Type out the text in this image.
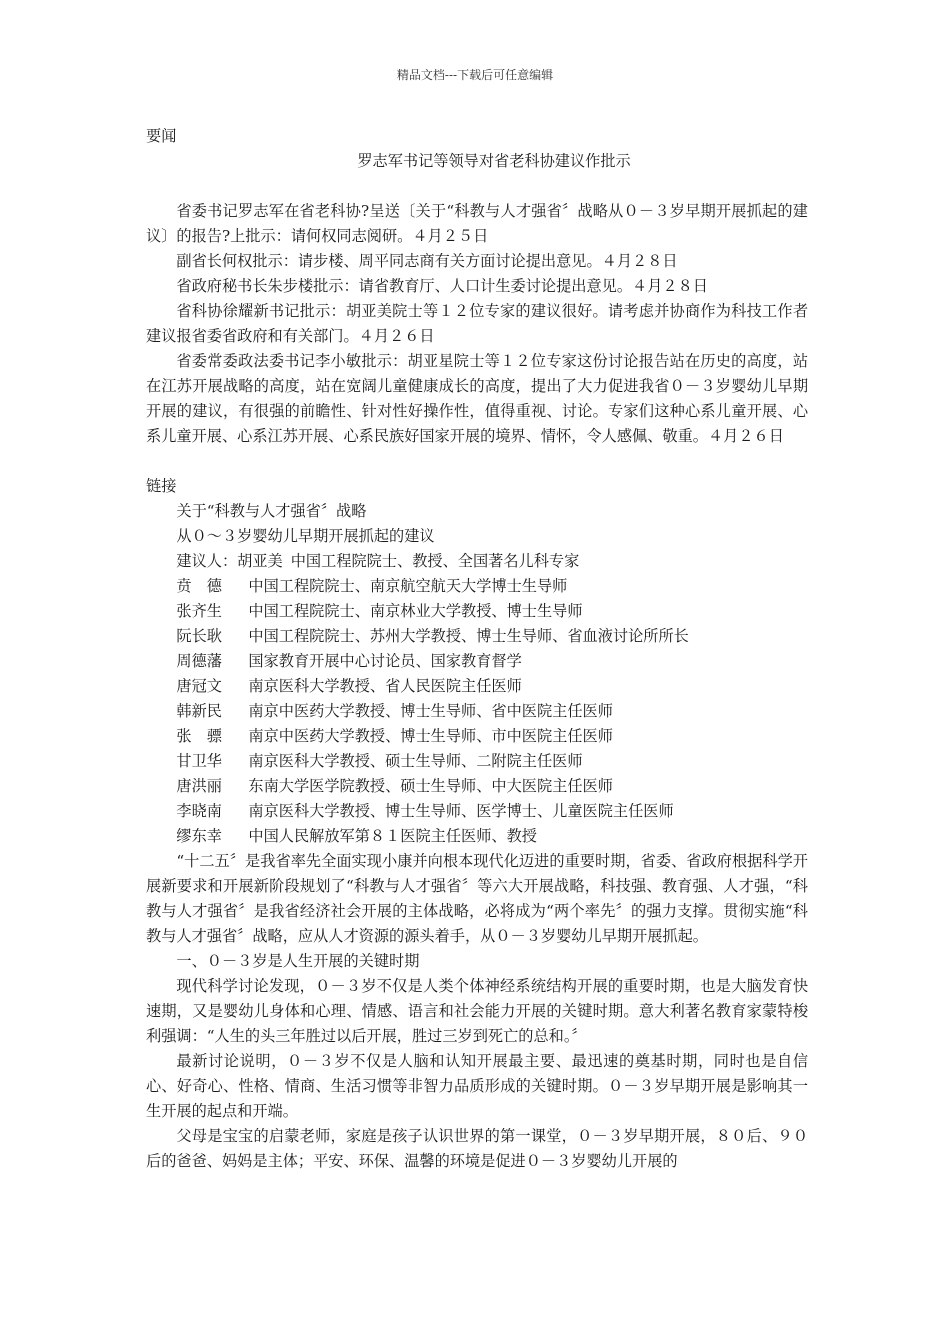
精品文档---下载后可任意编辑

要闻

罗志军书记等领导对省老科协建议作批示

省委书记罗志军在省老科协?呈送〔关于“科教与人才强省〞战略从０－３岁早期开展抓起的建议〕的报告?上批示：请何权同志阅研。４月２５日

副省长何权批示：请步楼、周平同志商有关方面讨论提出意见。４月２８日

省政府秘书长朱步楼批示：请省教育厅、人口计生委讨论提出意见。４月２８日

省科协徐耀新书记批示：胡亚美院士等１２位专家的建议很好。请考虑并协商作为科技工作者建议报省委省政府和有关部门。４月２６日

省委常委政法委书记李小敏批示：胡亚星院士等１２位专家这份讨论报告站在历史的高度，站在江苏开展战略的高度，站在宽阔儿童健康成长的高度，提出了大力促进我省０－３岁婴幼儿早期开展的建议，有很强的前瞻性、针对性好操作性，值得重视、讨论。专家们这种心系儿童开展、心系儿童开展、心系江苏开展、心系民族好国家开展的境界、情怀，令人感佩、敬重。４月２６日

链接

关于“科教与人才强省〞战略

从０～３岁婴幼儿早期开展抓起的建议

建议人：胡亚美 中国工程院院士、教授、全国著名儿科专家

贲　德 中国工程院院士、南京航空航天大学博士生导师

张齐生 中国工程院院士、南京林业大学教授、博士生导师

阮长耿 中国工程院院士、苏州大学教授、博士生导师、省血液讨论所所长

周德藩 国家教育开展中心讨论员、国家教育督学

唐冠文 南京医科大学教授、省人民医院主任医师

韩新民 南京中医药大学教授、博士生导师、省中医院主任医师

张　骠 南京中医药大学教授、博士生导师、市中医院主任医师

甘卫华 南京医科大学教授、硕士生导师、二附院主任医师

唐洪丽 东南大学医学院教授、硕士生导师、中大医院主任医师

李晓南 南京医科大学教授、博士生导师、医学博士、儿童医院主任医师

缪东幸 中国人民解放军第８１医院主任医师、教授

“十二五〞是我省率先全面实现小康并向根本现代化迈进的重要时期，省委、省政府根据科学开展新要求和开展新阶段规划了“科教与人才强省〞等六大开展战略，科技强、教育强、人才强，“科教与人才强省〞是我省经济社会开展的主体战略，必将成为“两个率先〞的强力支撑。贯彻实施“科教与人才强省〞战略，应从人才资源的源头着手，从０－３岁婴幼儿早期开展抓起。

一、０－３岁是人生开展的关键时期

现代科学讨论发现，０－３岁不仅是人类个体神经系统结构开展的重要时期，也是大脑发育快速期，又是婴幼儿身体和心理、情感、语言和社会能力开展的关键时期。意大利著名教育家蒙特梭利强调：“人生的头三年胜过以后开展，胜过三岁到死亡的总和。〞

最新讨论说明，０－３岁不仅是人脑和认知开展最主要、最迅速的奠基时期，同时也是自信心、好奇心、性格、情商、生活习惯等非智力品质形成的关键时期。０－３岁早期开展是影响其一生开展的起点和开端。

父母是宝宝的启蒙老师，家庭是孩子认识世界的第一课堂，０－３岁早期开展，８０后、９０后的爸爸、妈妈是主体；平安、环保、温馨的环境是促进０－３岁婴幼儿开展的
